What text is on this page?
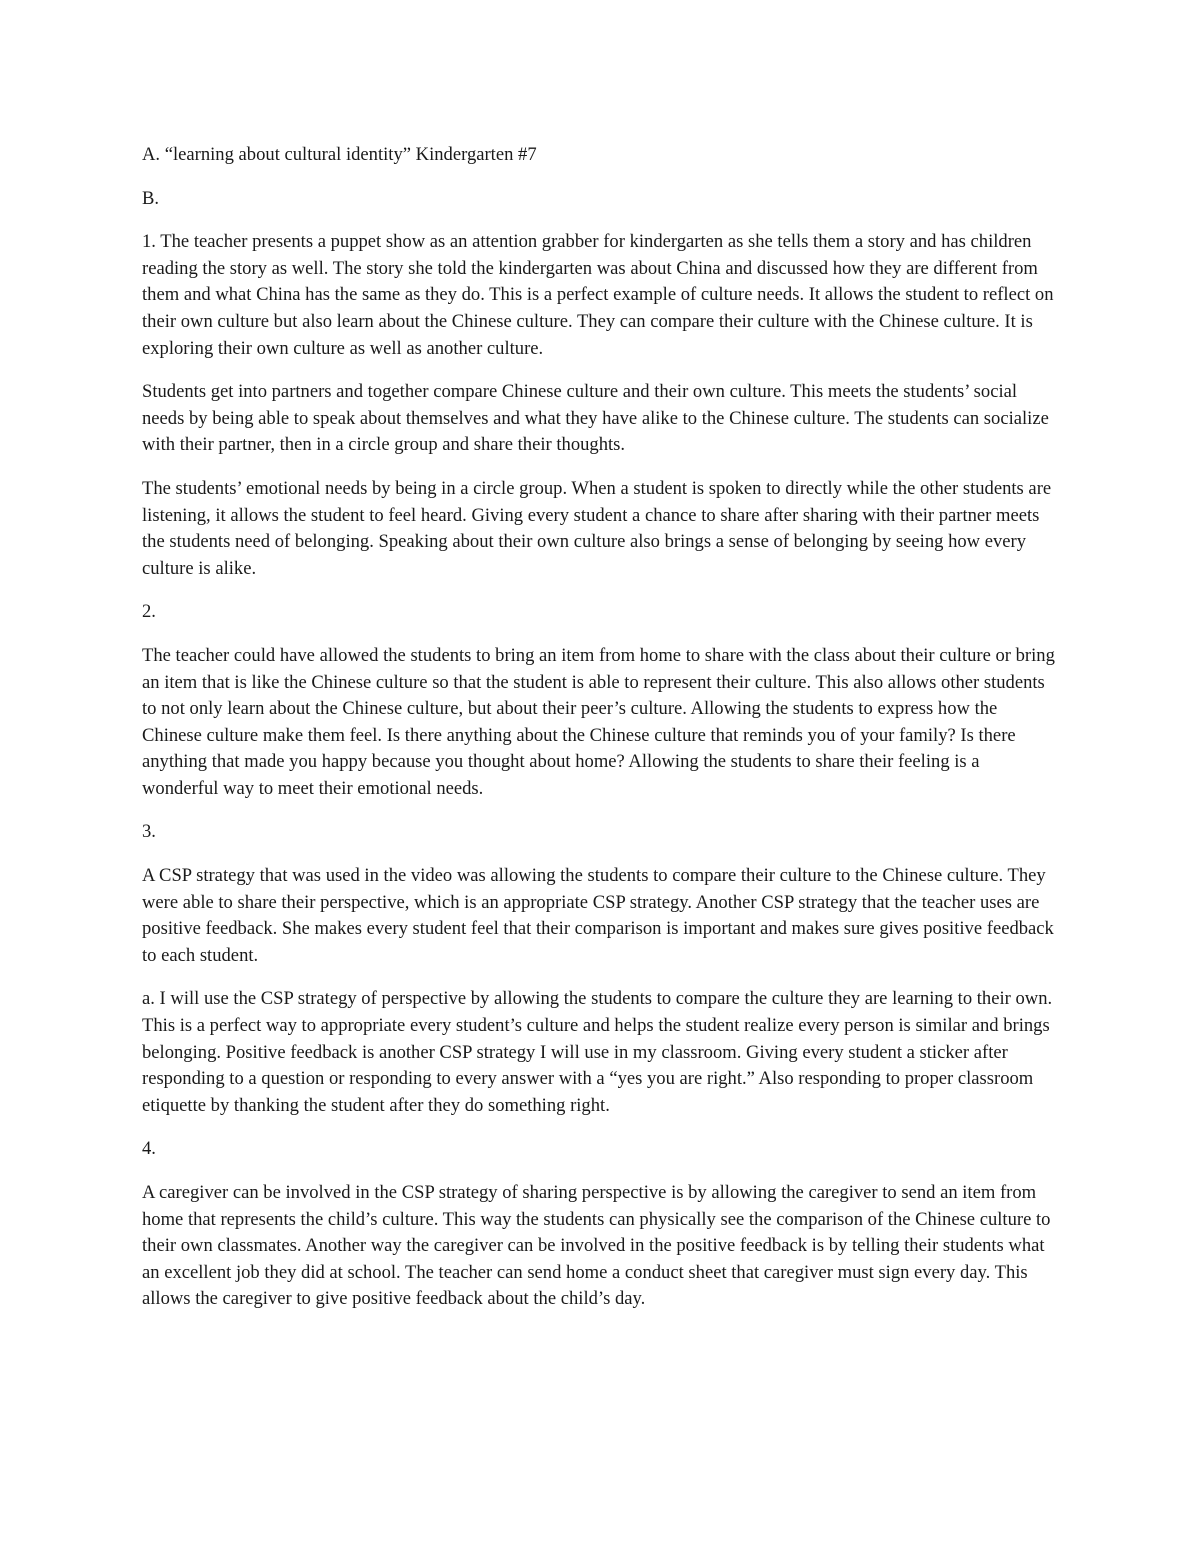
A. “learning about cultural identity” Kindergarten #7

B.

1. The teacher presents a puppet show as an attention grabber for kindergarten as she tells them a story and has children reading the story as well. The story she told the kindergarten was about China and discussed how they are different from them and what China has the same as they do. This is a perfect example of culture needs. It allows the student to reflect on their own culture but also learn about the Chinese culture. They can compare their culture with the Chinese culture. It is exploring their own culture as well as another culture.

Students get into partners and together compare Chinese culture and their own culture. This meets the students’ social needs by being able to speak about themselves and what they have alike to the Chinese culture. The students can socialize with their partner, then in a circle group and share their thoughts.

The students’ emotional needs by being in a circle group. When a student is spoken to directly while the other students are listening, it allows the student to feel heard. Giving every student a chance to share after sharing with their partner meets the students need of belonging. Speaking about their own culture also brings a sense of belonging by seeing how every culture is alike.

2.

The teacher could have allowed the students to bring an item from home to share with the class about their culture or bring an item that is like the Chinese culture so that the student is able to represent their culture. This also allows other students to not only learn about the Chinese culture, but about their peer’s culture. Allowing the students to express how the Chinese culture make them feel. Is there anything about the Chinese culture that reminds you of your family? Is there anything that made you happy because you thought about home? Allowing the students to share their feeling is a wonderful way to meet their emotional needs.

3.

A CSP strategy that was used in the video was allowing the students to compare their culture to the Chinese culture. They were able to share their perspective, which is an appropriate CSP strategy. Another CSP strategy that the teacher uses are positive feedback. She makes every student feel that their comparison is important and makes sure gives positive feedback to each student.

a. I will use the CSP strategy of perspective by allowing the students to compare the culture they are learning to their own. This is a perfect way to appropriate every student’s culture and helps the student realize every person is similar and brings belonging. Positive feedback is another CSP strategy I will use in my classroom. Giving every student a sticker after responding to a question or responding to every answer with a “yes you are right.” Also responding to proper classroom etiquette by thanking the student after they do something right.

4.

A caregiver can be involved in the CSP strategy of sharing perspective is by allowing the caregiver to send an item from home that represents the child’s culture. This way the students can physically see the comparison of the Chinese culture to their own classmates. Another way the caregiver can be involved in the positive feedback is by telling their students what an excellent job they did at school. The teacher can send home a conduct sheet that caregiver must sign every day. This allows the caregiver to give positive feedback about the child’s day.
